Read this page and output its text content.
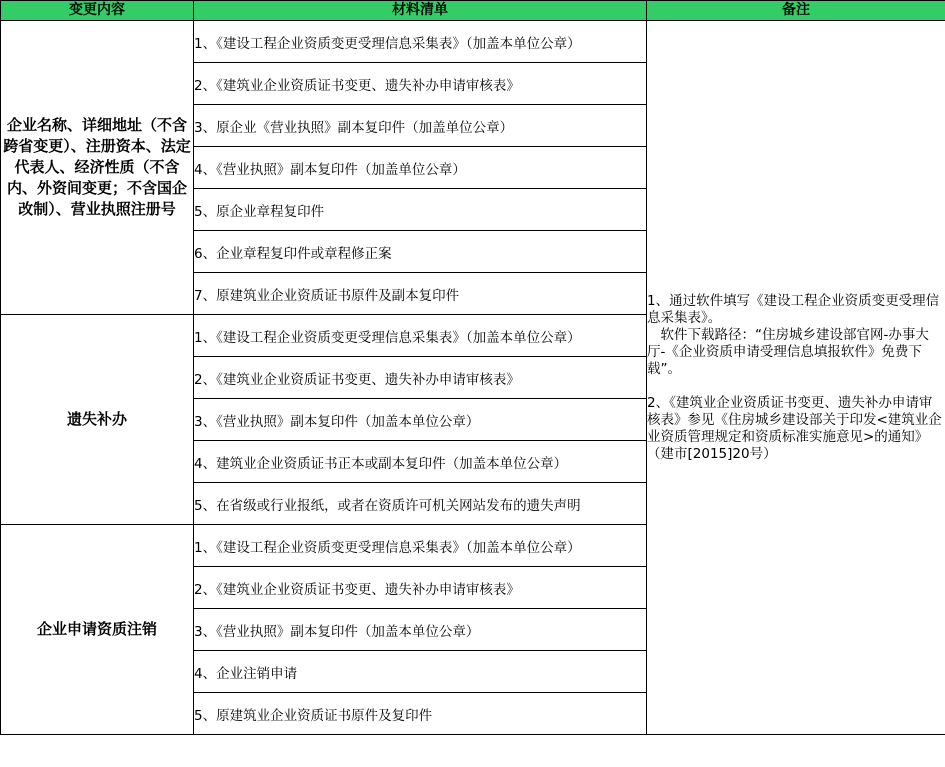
变更内容	材料清单	备注
企业名称、详细地址（不含跨省变更）、注册资本、法定代表人、经济性质（不含内、外资间变更；不含国企改制）、营业执照注册号	1、《建设工程企业资质变更受理信息采集表》（加盖本单位公章）	1、通过软件填写《建设工程企业资质变更受理信息采集表》。

　软件下载路径：“住房城乡建设部官网-办事大厅-《企业资质申请受理信息填报软件》免费下载”。

2、《建筑业企业资质证书变更、遗失补办申请审核表》参见《住房城乡建设部关于印发<建筑业企业资质管理规定和资质标准实施意见>的通知》（建市[2015]20号）

	2、《建筑业企业资质证书变更、遗失补办申请审核表》	
	3、原企业《营业执照》副本复印件（加盖单位公章）	
	4、《营业执照》副本复印件（加盖单位公章）	
	5、原企业章程复印件	
	6、企业章程复印件或章程修正案	
	7、原建筑业企业资质证书原件及副本复印件	
遗失补办	1、《建设工程企业资质变更受理信息采集表》（加盖本单位公章）	
	2、《建筑业企业资质证书变更、遗失补办申请审核表》	
	3、《营业执照》副本复印件（加盖本单位公章）	
	4、建筑业企业资质证书正本或副本复印件（加盖本单位公章）	
	5、在省级或行业报纸，或者在资质许可机关网站发布的遗失声明	
企业申请资质注销	1、《建设工程企业资质变更受理信息采集表》（加盖本单位公章）	
	2、《建筑业企业资质证书变更、遗失补办申请审核表》	
	3、《营业执照》副本复印件（加盖本单位公章）	
	4、企业注销申请	
	5、原建筑业企业资质证书原件及复印件	
